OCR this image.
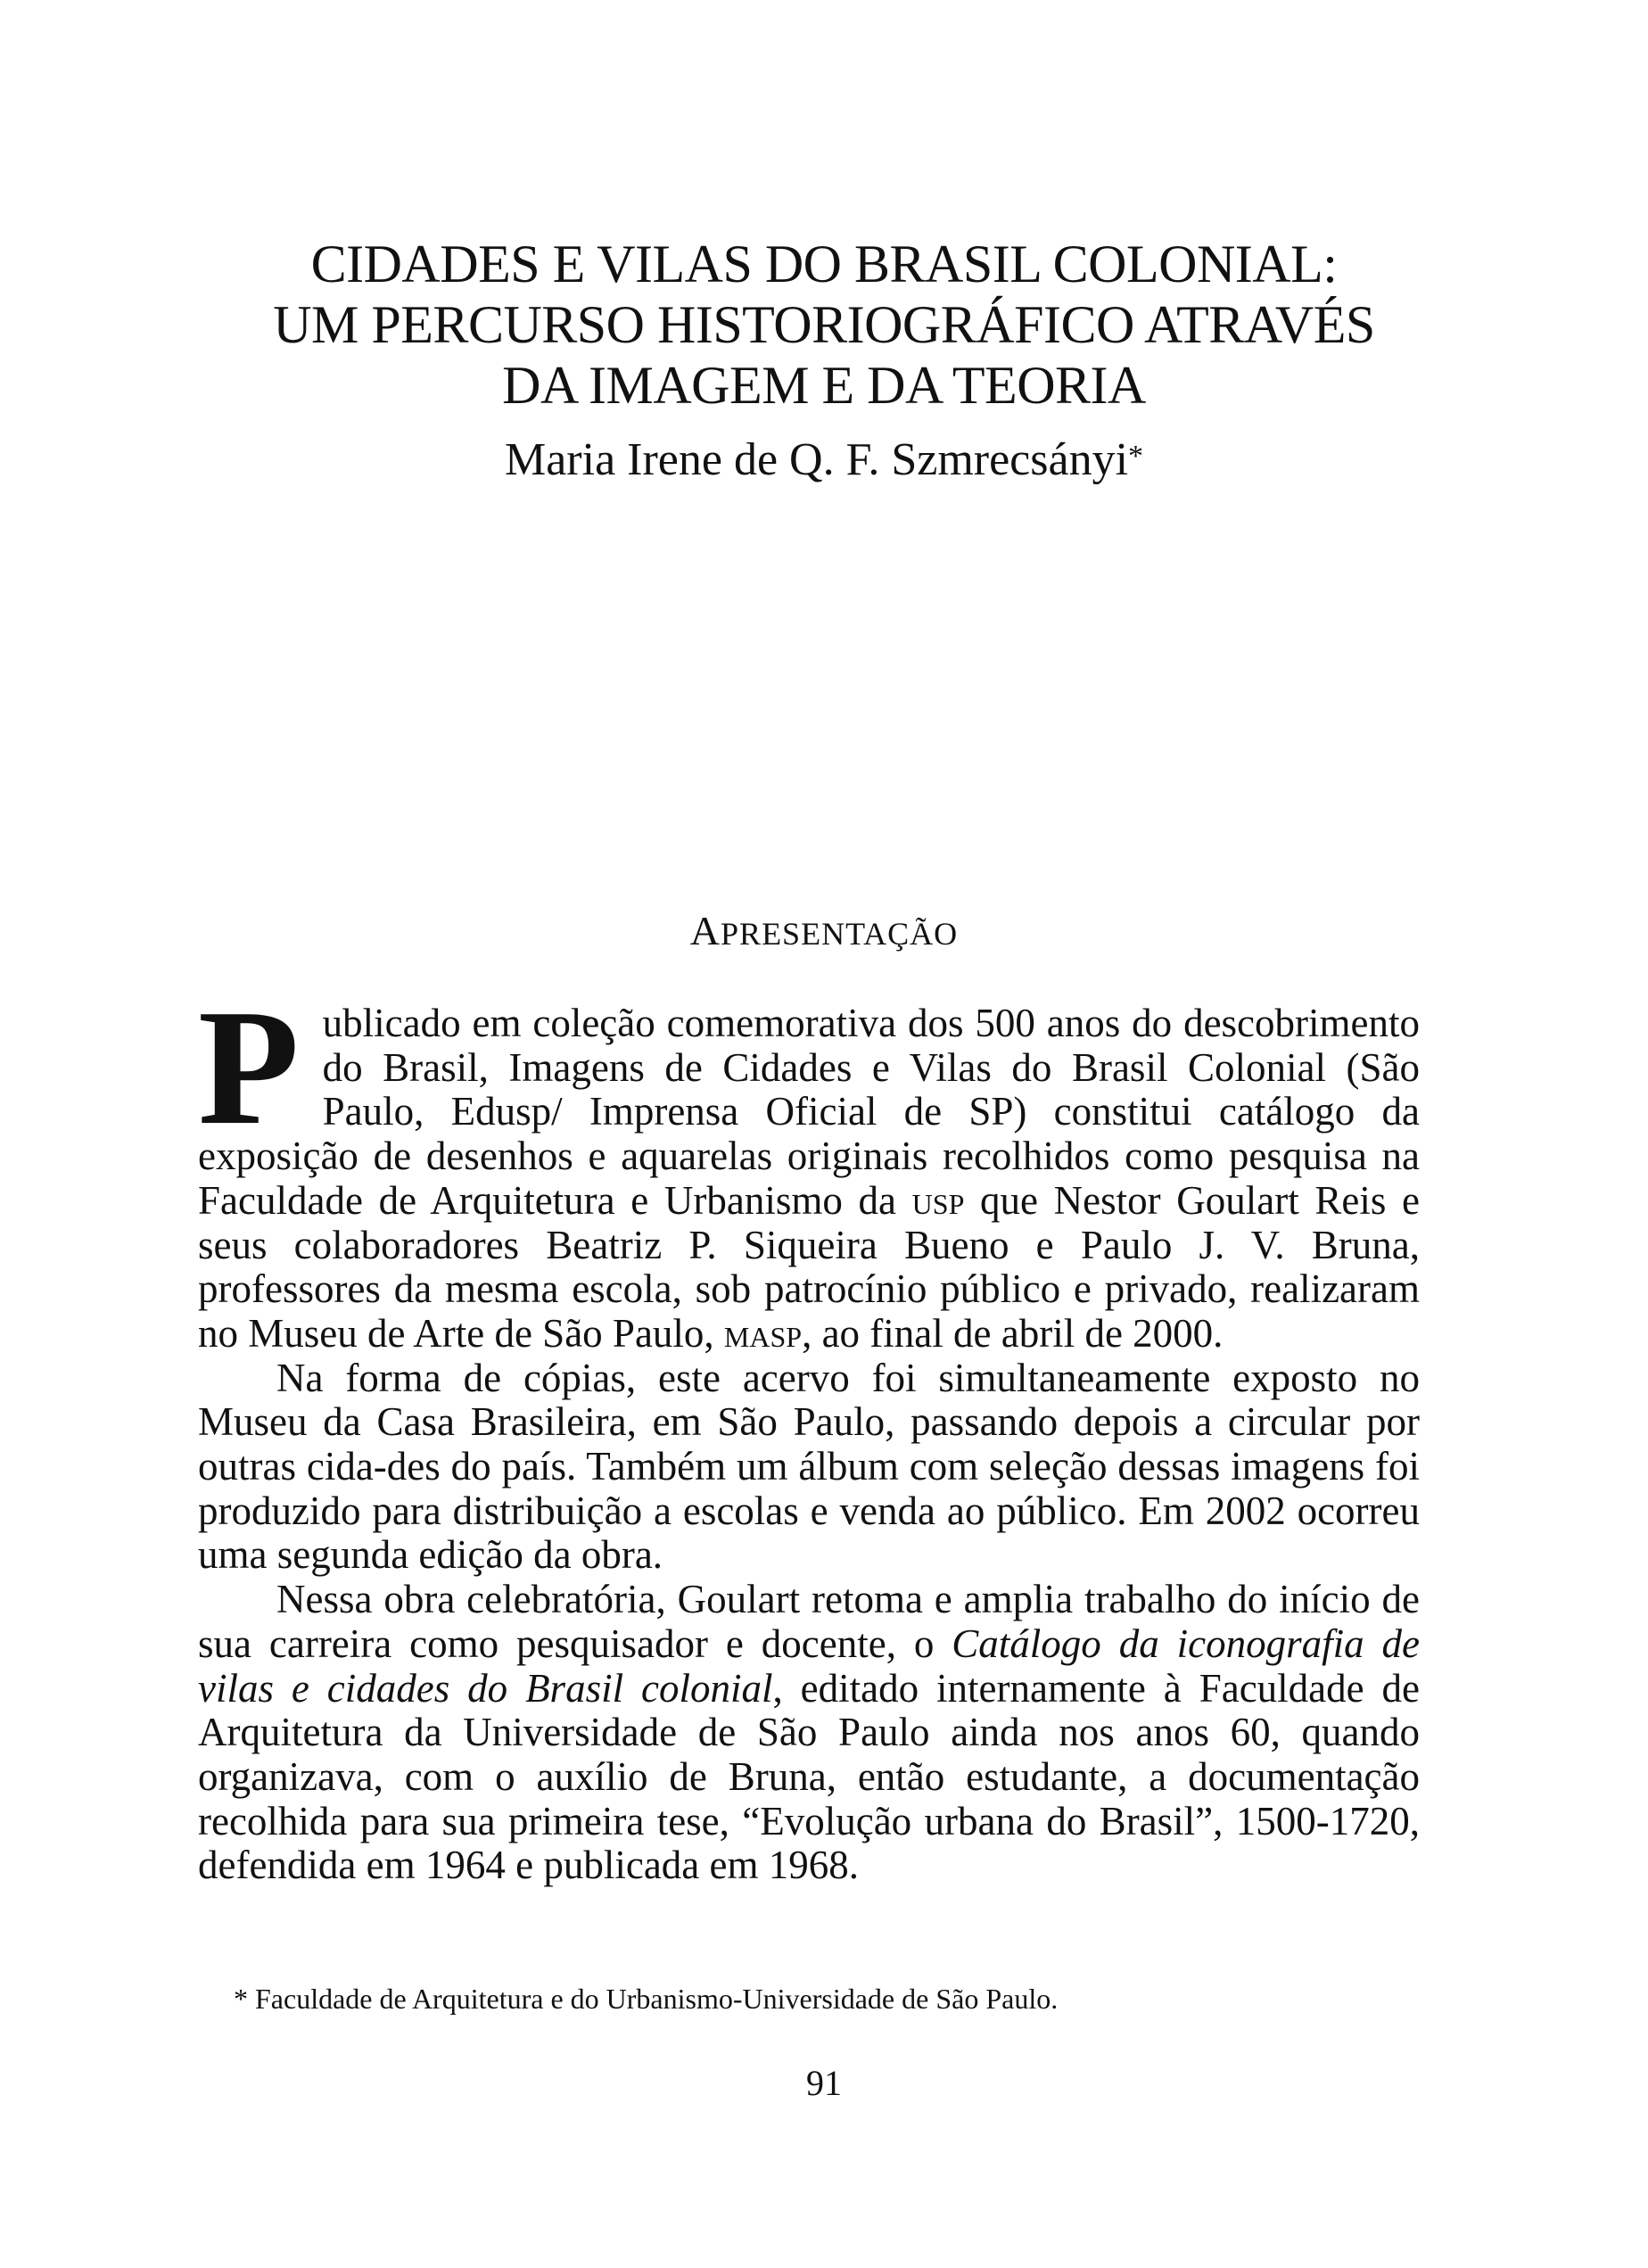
CIDADES E VILAS DO BRASIL COLONIAL:
UM PERCURSO HISTORIOGRÁFICO ATRAVÉS
DA IMAGEM E DA TEORIA
Maria Irene de Q. F. Szmrecsányi*
APRESENTAÇÃO

Publicado em coleção comemorativa dos 500 anos do descobrimento do Brasil, Imagens de Cidades e Vilas do Brasil Colonial (São Paulo, Edusp/ Imprensa Oficial de SP) constitui catálogo da exposição de desenhos e aquarelas originais recolhidos como pesquisa na Faculdade de Arquitetura e Urbanismo da usp que Nestor Goulart Reis e seus colaboradores Beatriz P. Siqueira Bueno e Paulo J. V. Bruna, professores da mesma escola, sob patrocínio público e privado, realizaram no Museu de Arte de São Paulo, masp, ao final de abril de 2000.

Na forma de cópias, este acervo foi simultaneamente exposto no Museu da Casa Brasileira, em São Paulo, passando depois a circular por outras cida-des do país. Também um álbum com seleção dessas imagens foi produzido para distribuição a escolas e venda ao público. Em 2002 ocorreu uma segunda edição da obra.

Nessa obra celebratória, Goulart retoma e amplia trabalho do início de sua carreira como pesquisador e docente, o Catálogo da iconografia de vilas e cidades do Brasil colonial, editado internamente à Faculdade de Arquitetura da Universidade de São Paulo ainda nos anos 60, quando organizava, com o auxílio de Bruna, então estudante, a documentação recolhida para sua primeira tese, “Evolução urbana do Brasil”, 1500-1720, defendida em 1964 e publicada em 1968.

* Faculdade de Arquitetura e do Urbanismo-Universidade de São Paulo.
91
